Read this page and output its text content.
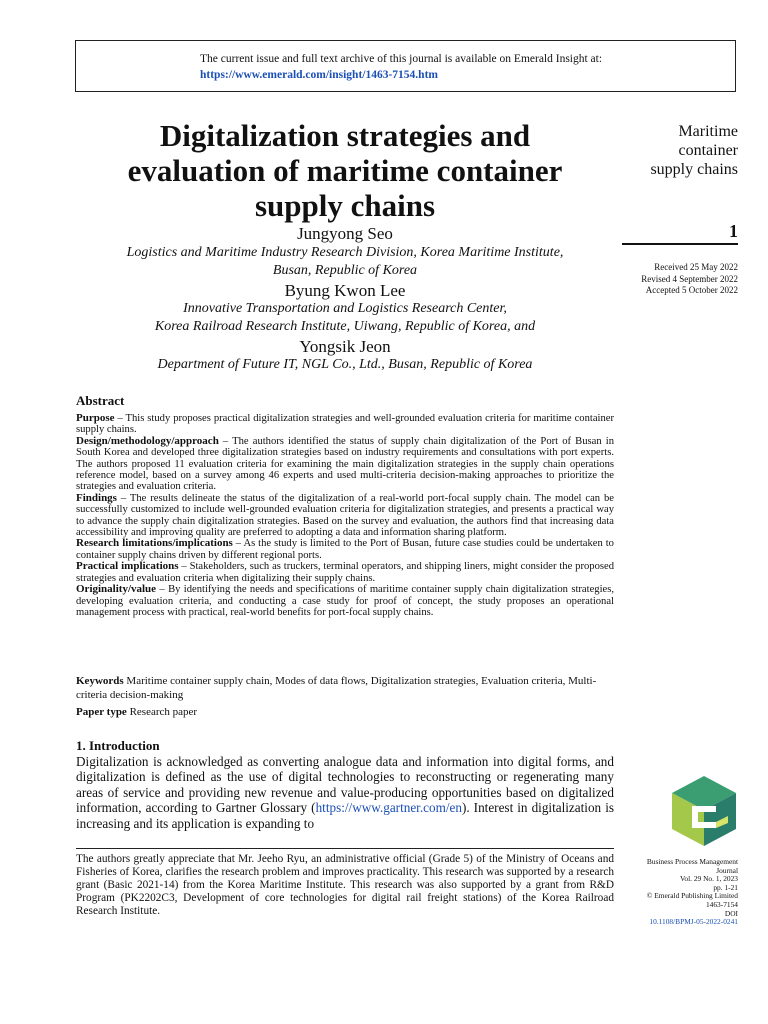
The current issue and full text archive of this journal is available on Emerald Insight at:
https://www.emerald.com/insight/1463-7154.htm
Digitalization strategies and
evaluation of maritime container
supply chains
Maritime
container
supply chains
1
Received 25 May 2022
Revised 4 September 2022
Accepted 5 October 2022
Jungyong Seo
Logistics and Maritime Industry Research Division, Korea Maritime Institute,
Busan, Republic of Korea
Byung Kwon Lee
Innovative Transportation and Logistics Research Center,
Korea Railroad Research Institute, Uiwang, Republic of Korea, and
Yongsik Jeon
Department of Future IT, NGL Co., Ltd., Busan, Republic of Korea
Abstract

Purpose – This study proposes practical digitalization strategies and well-grounded evaluation criteria for maritime container supply chains.

Design/methodology/approach – The authors identified the status of supply chain digitalization of the Port of Busan in South Korea and developed three digitalization strategies based on industry requirements and consultations with port experts. The authors proposed 11 evaluation criteria for examining the main digitalization strategies in the supply chain operations reference model, based on a survey among 46 experts and used multi-criteria decision-making approaches to prioritize the strategies and evaluation criteria.

Findings – The results delineate the status of the digitalization of a real-world port-focal supply chain. The model can be successfully customized to include well-grounded evaluation criteria for digitalization strategies, and presents a practical way to advance the supply chain digitalization strategies. Based on the survey and evaluation, the authors find that increasing data accessibility and improving quality are preferred to adopting a data and information sharing platform.

Research limitations/implications – As the study is limited to the Port of Busan, future case studies could be undertaken to container supply chains driven by different regional ports.

Practical implications – Stakeholders, such as truckers, terminal operators, and shipping liners, might consider the proposed strategies and evaluation criteria when digitalizing their supply chains.

Originality/value – By identifying the needs and specifications of maritime container supply chain digitalization strategies, developing evaluation criteria, and conducting a case study for proof of concept, the study proposes an operational management process with practical, real-world benefits for port-focal supply chains.

Keywords Maritime container supply chain, Modes of data flows, Digitalization strategies, Evaluation criteria, Multi-criteria decision-making
Paper type Research paper
1. Introduction
Digitalization is acknowledged as converting analogue data and information into digital forms, and digitalization is defined as the use of digital technologies to reconstructing or regenerating many areas of service and providing new revenue and value-producing opportunities based on digitalized information, according to Gartner Glossary (https://www.gartner.com/en). Interest in digitalization is increasing and its application is expanding to
The authors greatly appreciate that Mr. Jeeho Ryu, an administrative official (Grade 5) of the Ministry of Oceans and Fisheries of Korea, clarifies the research problem and improves practicality. This research was supported by a research grant (Basic 2021-14) from the Korea Maritime Institute. This research was also supported by a grant from R&D Program (PK2202C3, Development of core technologies for digital rail freight stations) of the Korea Railroad Research Institute.
Business Process Management
Journal
Vol. 29 No. 1, 2023
pp. 1-21
© Emerald Publishing Limited
1463-7154
DOI
10.1108/BPMJ-05-2022-0241
